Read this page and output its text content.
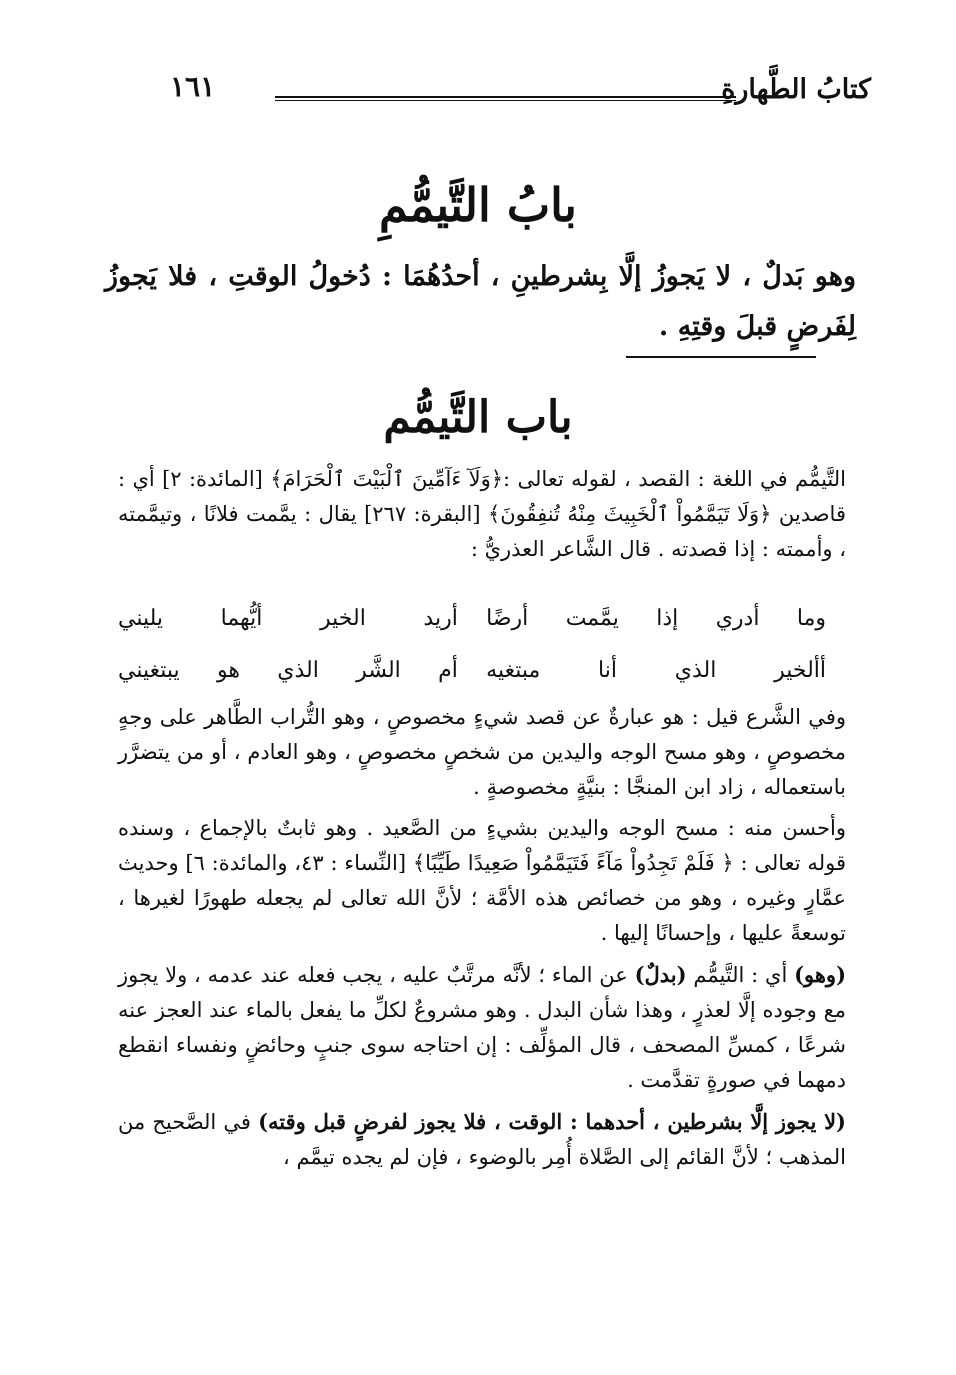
كتابُ الطَّهارةِ
١٦١
بابُ التَّيمُّمِ
وهو بَدلٌ ، لا يَجوزُ إلَّا بِشرطينِ ، أحدُهُمَا : دُخولُ الوقتِ ، فلا يَجوزُ لِفَرضٍ قبلَ وقتِهِ .
باب التَّيمُّم

التَّيمُّم في اللغة : القصد ، لقوله تعالى :﴿وَلَآ ءَآمِّينَ ٱلْبَيْتَ ٱلْحَرَامَ﴾ [المائدة: ٢] أي : قاصدين ﴿وَلَا تَيَمَّمُواْ ٱلْخَبِيثَ مِنْهُ تُنفِقُونَ﴾ [البقرة: ٢٦٧] يقال : يمَّمت فلانًا ، وتيمَّمته ، وأممته : إذا قصدته . قال الشَّاعر العذريُّ :

وما أدري إذا يمَّمت أرضًا
أريد الخير أيُّهما يليني
أألخير الذي أنا مبتغيه
أم الشَّر الذي هو يبتغيني

وفي الشَّرع قيل : هو عبارةٌ عن قصد شيءٍ مخصوصٍ ، وهو التُّراب الطَّاهر على وجهٍ مخصوصٍ ، وهو مسح الوجه واليدين من شخصٍ مخصوصٍ ، وهو العادم ، أو من يتضرَّر باستعماله ، زاد ابن المنجَّا : بنيَّةٍ مخصوصةٍ .

وأحسن منه : مسح الوجه واليدين بشيءٍ من الصَّعيد . وهو ثابتٌ بالإجماع ، وسنده قوله تعالى : ﴿ فَلَمْ تَجِدُواْ مَآءً فَتَيَمَّمُواْ صَعِيدًا طَيِّبًا﴾ [النِّساء : ٤٣، والمائدة: ٦] وحديث عمَّارٍ وغيره ، وهو من خصائص هذه الأمَّة ؛ لأنَّ الله تعالى لم يجعله طهورًا لغيرها ، توسعةً عليها ، وإحسانًا إليها .

(وهو) أي : التَّيمُّم (بدلٌ) عن الماء ؛ لأنَّه مرتَّبٌ عليه ، يجب فعله عند عدمه ، ولا يجوز مع وجوده إلَّا لعذرٍ ، وهذا شأن البدل . وهو مشروعٌ لكلِّ ما يفعل بالماء عند العجز عنه شرعًا ، كمسِّ المصحف ، قال المؤلِّف : إن احتاجه سوى جنبٍ وحائضٍ ونفساء انقطع دمهما في صورةٍ تقدَّمت .

(لا يجوز إلَّا بشرطين ، أحدهما : الوقت ، فلا يجوز لفرضٍ قبل وقته) في الصَّحيح من المذهب ؛ لأنَّ القائم إلى الصَّلاة أُمِر بالوضوء ، فإن لم يجده تيمَّم ،
